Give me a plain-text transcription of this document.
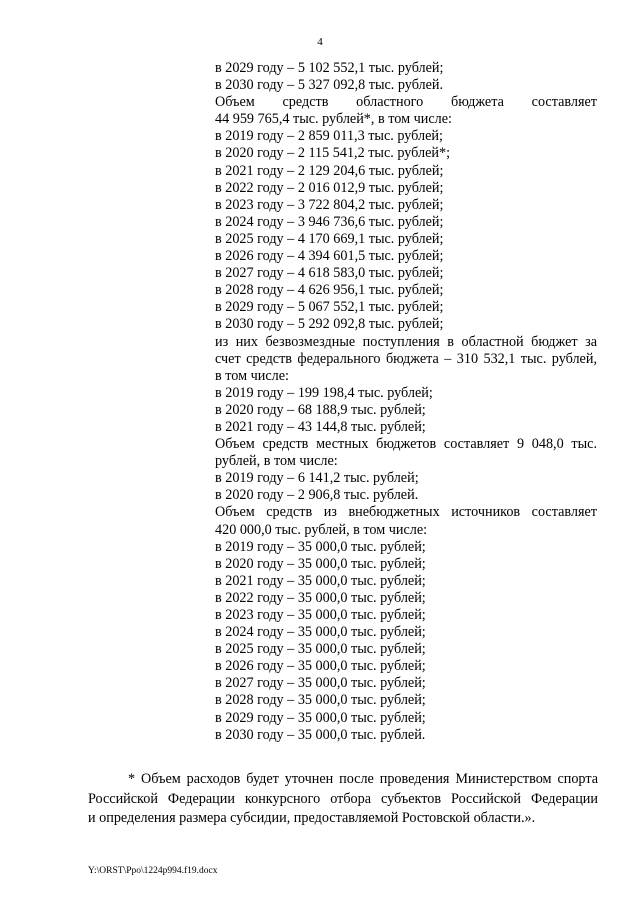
4
в 2029 году – 5 102 552,1 тыс. рублей;
в 2030 году – 5 327 092,8 тыс. рублей.
Объем средств областного бюджета составляет
44 959 765,4 тыс. рублей*, в том числе:
в 2019 году – 2 859 011,3 тыс. рублей;
в 2020 году – 2 115 541,2 тыс. рублей*;
в 2021 году – 2 129 204,6 тыс. рублей;
в 2022 году – 2 016 012,9 тыс. рублей;
в 2023 году – 3 722 804,2 тыс. рублей;
в 2024 году – 3 946 736,6 тыс. рублей;
в 2025 году – 4 170 669,1 тыс. рублей;
в 2026 году – 4 394 601,5 тыс. рублей;
в 2027 году – 4 618 583,0 тыс. рублей;
в 2028 году – 4 626 956,1 тыс. рублей;
в 2029 году – 5 067 552,1 тыс. рублей;
в 2030 году – 5 292 092,8 тыс. рублей;
из них безвозмездные поступления в областной бюджет за
счет средств федерального бюджета – 310 532,1 тыс. рублей,
в том числе:
в 2019 году – 199 198,4 тыс. рублей;
в 2020 году – 68 188,9 тыс. рублей;
в 2021 году – 43 144,8 тыс. рублей;
Объем средств местных бюджетов составляет 9 048,0 тыс.
рублей, в том числе:
в 2019 году – 6 141,2 тыс. рублей;
в 2020 году – 2 906,8 тыс. рублей.
Объем средств из внебюджетных источников составляет
420 000,0 тыс. рублей, в том числе:
в 2019 году – 35 000,0 тыс. рублей;
в 2020 году – 35 000,0 тыс. рублей;
в 2021 году – 35 000,0 тыс. рублей;
в 2022 году – 35 000,0 тыс. рублей;
в 2023 году – 35 000,0 тыс. рублей;
в 2024 году – 35 000,0 тыс. рублей;
в 2025 году – 35 000,0 тыс. рублей;
в 2026 году – 35 000,0 тыс. рублей;
в 2027 году – 35 000,0 тыс. рублей;
в 2028 году – 35 000,0 тыс. рублей;
в 2029 году – 35 000,0 тыс. рублей;
в 2030 году – 35 000,0 тыс. рублей.
* Объем расходов будет уточнен после проведения Министерством спорта
Российской Федерации конкурсного отбора субъектов Российской Федерации
и определения размера субсидии, предоставляемой Ростовской области.».
Y:\ORST\Ppo\1224p994.f19.docx
